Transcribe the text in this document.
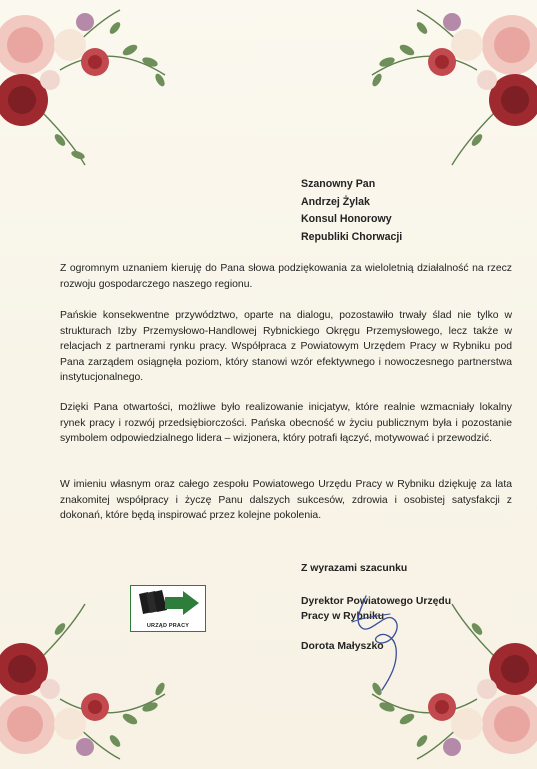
Szanowny Pan
Andrzej Żylak
Konsul Honorowy
Republiki Chorwacji

Z ogromnym uznaniem kieruję do Pana słowa podziękowania za wieloletnią działalność na rzecz rozwoju gospodarczego naszego regionu.

Pańskie konsekwentne przywództwo, oparte na dialogu, pozostawiło trwały ślad nie tylko w strukturach Izby Przemysłowo-Handlowej Rybnickiego Okręgu Przemysłowego, lecz także w relacjach z partnerami rynku pracy. Współpraca z Powiatowym Urzędem Pracy w Rybniku pod Pana zarządem osiągnęła poziom, który stanowi wzór efektywnego i nowoczesnego partnerstwa instytucjonalnego.

Dzięki Pana otwartości, możliwe było realizowanie inicjatyw, które realnie wzmacniały lokalny rynek pracy i rozwój przedsiębiorczości. Pańska obecność w życiu publicznym była i pozostanie symbolem odpowiedzialnego lidera – wizjonera, który potrafi łączyć, motywować i przewodzić.

W imieniu własnym oraz całego zespołu Powiatowego Urzędu Pracy w Rybniku dziękuję za lata znakomitej współpracy i życzę Panu dalszych sukcesów, zdrowia i osobistej satysfakcji z dokonań, które będą inspirować przez kolejne pokolenia.

URZĄD PRACY
Z wyrazami szacunku
Dyrektor Powiatowego Urzędu
Pracy w Rybniku
Dorota Małyszko
